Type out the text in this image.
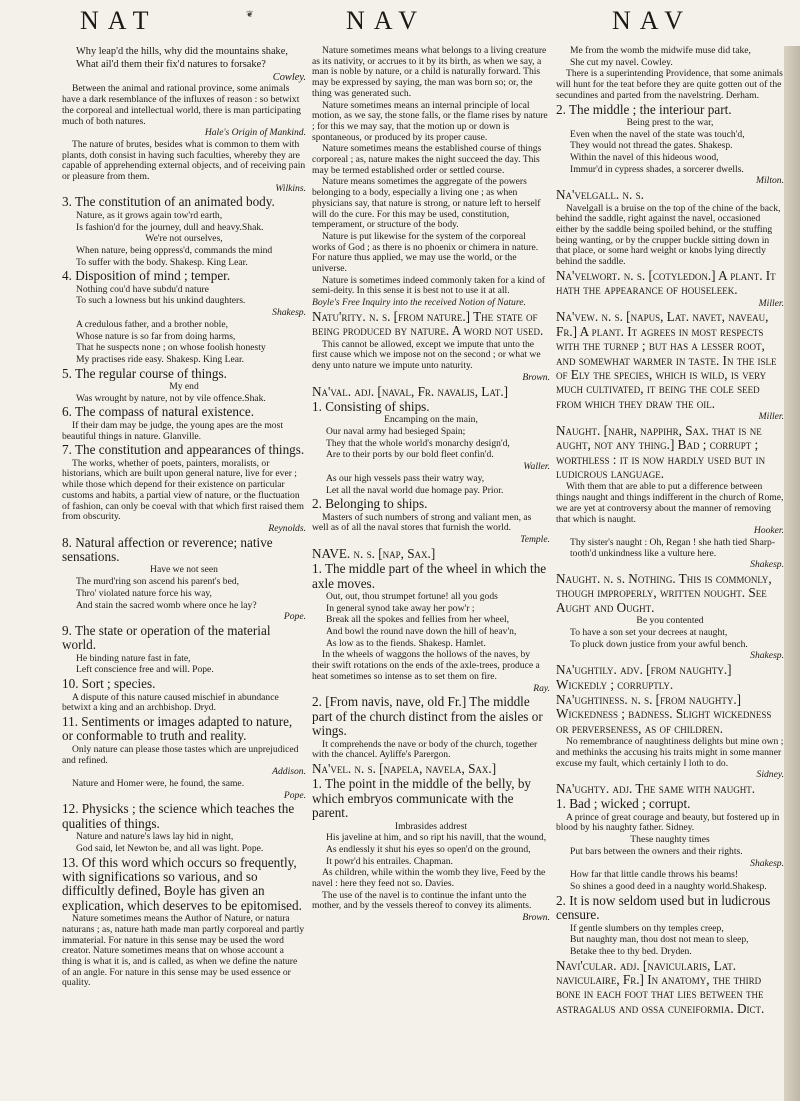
NAT	❦	NAV	NAV

Why leap'd the hills, why did the mountains shake,

What ail'd them their fix'd natures to forsake?

Cowley.

Between the animal and rational province, some animals have a dark resemblance of the influxes of reason : so betwixt the corporeal and intellectual world, there is man participating much of both natures.

Hale's Origin of Mankind.

The nature of brutes, besides what is common to them with plants, doth consist in having such faculties, whereby they are capable of apprehending external objects, and of receiving pain or pleasure from them.

Wilkins.

3. The constitution of an animated body.

Nature, as it grows again tow'rd earth,

Is fashion'd for the journey, dull and heavy.Shak.

We're not ourselves,

When nature, being oppress'd, commands the mind

To suffer with the body. Shakesp. King Lear.

4. Disposition of mind ; temper.

Nothing cou'd have subdu'd nature

To such a lowness but his unkind daughters.

Shakesp.

A credulous father, and a brother noble,

Whose nature is so far from doing harms,

That he suspects none ; on whose foolish honesty

My practises ride easy. Shakesp. King Lear.

5. The regular course of things.

My end

Was wrought by nature, not by vile offence.Shak.

6. The compass of natural existence.

If their dam may be judge, the young apes are the most beautiful things in nature. Glanville.

7. The constitution and appearances of things.

The works, whether of poets, painters, moralists, or historians, which are built upon general nature, live for ever ; while those which depend for their existence on particular customs and habits, a partial view of nature, or the fluctuation of fashion, can only be coeval with that which first raised them from obscurity.

Reynolds.

8. Natural affection or reverence; native sensations.

Have we not seen

The murd'ring son ascend his parent's bed,

Thro' violated nature force his way,

And stain the sacred womb where once he lay?

Pope.

9. The state or operation of the material world.

He binding nature fast in fate,

Left conscience free and will. Pope.

10. Sort ; species.

A dispute of this nature caused mischief in abundance betwixt a king and an archbishop. Dryd.

11. Sentiments or images adapted to nature, or conformable to truth and reality.

Only nature can please those tastes which are unprejudiced and refined.

Addison.

Nature and Homer were, he found, the same.

Pope.

12. Physicks ; the science which teaches the qualities of things.

Nature and nature's laws lay hid in night,

God said, let Newton be, and all was light. Pope.

13. Of this word which occurs so frequently, with significations so various, and so difficultly defined, Boyle has given an explication, which deserves to be epitomised.

Nature sometimes means the Author of Nature, or natura naturans ; as, nature hath made man partly corporeal and partly immaterial. For nature in this sense may be used the word creator. Nature sometimes means that on whose account a thing is what it is, and is called, as when we define the nature of an angle. For nature in this sense may be used essence or quality.

Nature sometimes means what belongs to a living creature as its nativity, or accrues to it by its birth, as when we say, a man is noble by nature, or a child is naturally forward. This may be expressed by saying, the man was born so; or, the thing was generated such.

Nature sometimes means an internal principle of local motion, as we say, the stone falls, or the flame rises by nature ; for this we may say, that the motion up or down is spontaneous, or produced by its proper cause.

Nature sometimes means the established course of things corporeal ; as, nature makes the night succeed the day. This may be termed established order or settled course.

Nature means sometimes the aggregate of the powers belonging to a body, especially a living one ; as when physicians say, that nature is strong, or nature left to herself will do the cure. For this may be used, constitution, temperament, or structure of the body.

Nature is put likewise for the system of the corporeal works of God ; as there is no phoenix or chimera in nature. For nature thus applied, we may use the world, or the universe.

Nature is sometimes indeed commonly taken for a kind of semi-deity. In this sense it is best not to use it at all.

Boyle's Free Inquiry into the received Notion of Nature.

Natu'rity. n. s. [from nature.] The state of being produced by nature. A word not used.

This cannot be allowed, except we impute that unto the first cause which we impose not on the second ; or what we deny unto nature we impute unto naturity.

Brown.

Na'val. adj. [naval, Fr. navalis, Lat.]

1. Consisting of ships.

Encamping on the main,

Our naval army had besieged Spain;

They that the whole world's monarchy design'd,

Are to their ports by our bold fleet confin'd.

Waller.

As our high vessels pass their watry way,

Let all the naval world due homage pay. Prior.

2. Belonging to ships.

Masters of such numbers of strong and valiant men, as well as of all the naval stores that furnish the world.

Temple.

NAVE. n. s. [nap, Sax.]

1. The middle part of the wheel in which the axle moves.

Out, out, thou strumpet fortune! all you gods

In general synod take away her pow'r ;

Break all the spokes and fellies from her wheel,

And bowl the round nave down the hill of heav'n,

As low as to the fiends. Shakesp. Hamlet.

In the wheels of waggons the hollows of the naves, by their swift rotations on the ends of the axle-trees, produce a heat sometimes so intense as to set them on fire.

Ray.

2. [From navis, nave, old Fr.] The middle part of the church distinct from the aisles or wings.

It comprehends the nave or body of the church, together with the chancel. Ayliffe's Parergon.

Na'vel. n. s. [napela, navela, Sax.]

1. The point in the middle of the belly, by which embryos communicate with the parent.

Imbrasides addrest

His javeline at him, and so ript his navill, that the wound,

As endlessly it shut his eyes so open'd on the ground,

It powr'd his entrailes. Chapman.

As children, while within the womb they live, Feed by the navel : here they feed not so. Davies.

The use of the navel is to continue the infant unto the mother, and by the vessels thereof to convey its aliments.

Brown.

Me from the womb the midwife muse did take,

She cut my navel. Cowley.

There is a superintending Providence, that some animals will hunt for the teat before they are quite gotten out of the secundines and parted from the navelstring. Derham.

2. The middle ; the interiour part.

Being prest to the war,

Even when the navel of the state was touch'd,

They would not thread the gates. Shakesp.

Within the navel of this hideous wood,

Immur'd in cypress shades, a sorcerer dwells.

Milton.

Na'velgall. n. s.

Navelgall is a bruise on the top of the chine of the back, behind the saddle, right against the navel, occasioned either by the saddle being spoiled behind, or the stuffing being wanting, or by the crupper buckle sitting down in that place, or some hard weight or knobs lying directly behind the saddle.

Na'velwort. n. s. [cotyledon.] A plant. It hath the appearance of houseleek.

Miller.

Na'vew. n. s. [napus, Lat. navet, naveau, Fr.] A plant. It agrees in most respects with the turnep ; but has a lesser root, and somewhat warmer in taste. In the isle of Ely the species, which is wild, is very much cultivated, it being the cole seed from which they draw the oil.

Miller.

Naught. [nahr, nappihr, Sax. that is ne aught, not any thing.] Bad ; corrupt ; worthless : it is now hardly used but in ludicrous language.

With them that are able to put a difference between things naught and things indifferent in the church of Rome, we are yet at controversy about the manner of removing that which is naught.

Hooker.

Thy sister's naught : Oh, Regan ! she hath tied Sharp-tooth'd unkindness like a vulture here.

Shakesp.

Naught. n. s. Nothing. This is commonly, though improperly, written nought. See Aught and Ought.

Be you contented

To have a son set your decrees at naught,

To pluck down justice from your awful bench.

Shakesp.

Na'ughtily. adv. [from naughty.] Wickedly ; corruptly.

Na'ughtiness. n. s. [from naughty.] Wickedness ; badness. Slight wickedness or perverseness, as of children.

No remembrance of naughtiness delights but mine own ; and methinks the accusing his traits might in some manner excuse my fault, which certainly I loth to do.

Sidney.

Na'ughty. adj. The same with naught.

1. Bad ; wicked ; corrupt.

A prince of great courage and beauty, but fostered up in blood by his naughty father. Sidney.

These naughty times

Put bars between the owners and their rights.

Shakesp.

How far that little candle throws his beams!

So shines a good deed in a naughty world.Shakesp.

2. It is now seldom used but in ludicrous censure.

If gentle slumbers on thy temples creep,

But naughty man, thou dost not mean to sleep,

Betake thee to thy bed. Dryden.

Navi'cular. adj. [navicularis, Lat. naviculaire, Fr.] In anatomy, the third bone in each foot that lies between the astragalus and ossa cuneiformia. Dict.
